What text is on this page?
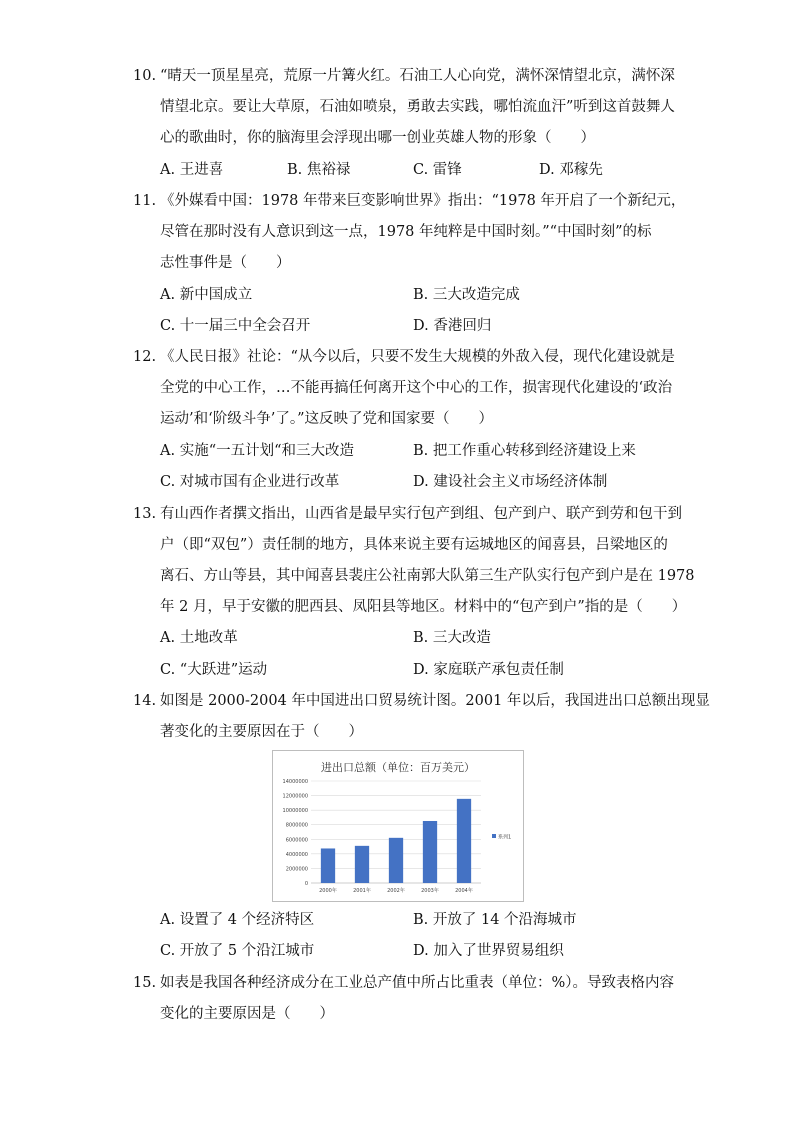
10. “晴天一顶星星亮，荒原一片篝火红。石油工人心向党，满怀深情望北京，满怀深
情望北京。要让大草原，石油如喷泉，勇敢去实践，哪怕流血汗”听到这首鼓舞人
心的歌曲时，你的脑海里会浮现出哪一创业英雄人物的形象（　　）
A. 王进喜	B. 焦裕禄	C. 雷锋	D. 邓稼先
11. 《外媒看中国：1978 年带来巨变影响世界》指出：“1978 年开启了一个新纪元，
尽管在那时没有人意识到这一点，1978 年纯粹是中国时刻。”“中国时刻”的标
志性事件是（　　）
A. 新中国成立	B. 三大改造完成
C. 十一届三中全会召开	D. 香港回归
12. 《人民日报》社论：“从今以后，只要不发生大规模的外敌入侵，现代化建设就是
全党的中心工作，…不能再搞任何离开这个中心的工作，损害现代化建设的‘政治
运动’和‘阶级斗争’了。”这反映了党和国家要（　　）
A. 实施“一五计划“和三大改造	B. 把工作重心转移到经济建设上来
C. 对城市国有企业进行改革	D. 建设社会主义市场经济体制
13. 有山西作者撰文指出，山西省是最早实行包产到组、包产到户、联产到劳和包干到
户（即“双包”）责任制的地方，具体来说主要有运城地区的闻喜县，吕梁地区的
离石、方山等县，其中闻喜县裴庄公社南郭大队第三生产队实行包产到户是在 1978
年 2 月，早于安徽的肥西县、凤阳县等地区。材料中的“包产到户”指的是（　　）
A. 土地改革	B. 三大改造
C. “大跃进”运动	D. 家庭联产承包责任制
14. 如图是 2000-2004 年中国进出口贸易统计图。2001 年以后，我国进出口总额出现显
著变化的主要原因在于（　　）
进出口总额（单位：百万美元）
0
2000000
4000000
6000000
8000000
10000000
12000000
14000000
2000年	2001年	2002年	2003年	2004年
系列1
A. 设置了 4 个经济特区	B. 开放了 14 个沿海城市
C. 开放了 5 个沿江城市	D. 加入了世界贸易组织
15. 如表是我国各种经济成分在工业总产值中所占比重表（单位：%）。导致表格内容
变化的主要原因是（　　）
